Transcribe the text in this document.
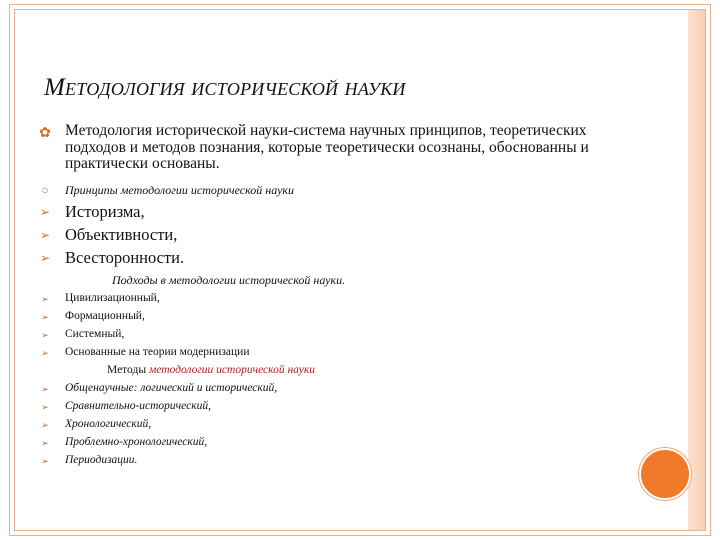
Методология исторической науки
✿ Методология исторической науки-система научных принципов, теоретических подходов и методов познания, которые теоретически осознаны, обоснованны и практически основаны.
○ Принципы методологии исторической науки
➢ Историзма,
➢ Объективности,
➢ Всесторонности.
Подходы в методологии исторической науки.
➢ Цивилизационный,
➢ Формационный,
➢ Системный,
➢ Основанные на теории модернизации
Методы методологии исторической науки
➢ Общенаучные: логический и исторический,
➢ Сравнительно-исторический,
➢ Хронологический,
➢ Проблемно-хронологический,
➢ Периодизации.
